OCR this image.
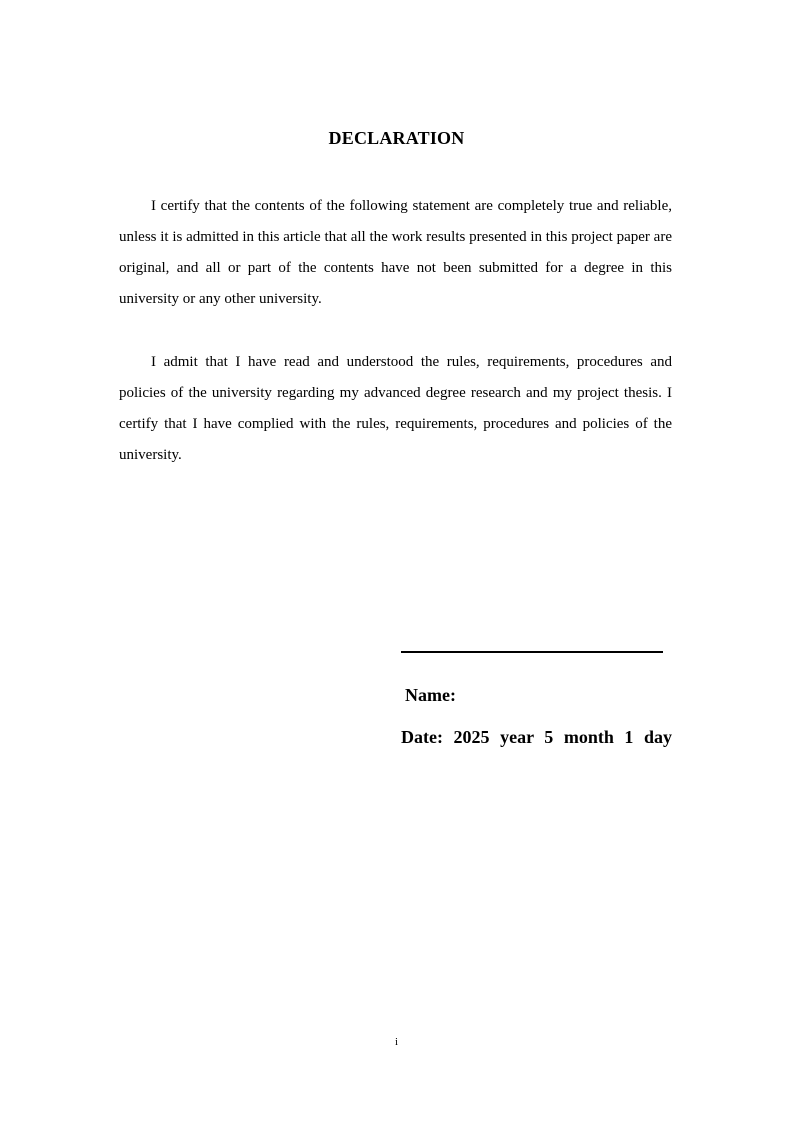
DECLARATION

I certify that the contents of the following statement are completely true and reliable, unless it is admitted in this article that all the work results presented in this project paper are original, and all or part of the contents have not been submitted for a degree in this university or any other university.

I admit that I have read and understood the rules, requirements, procedures and policies of the university regarding my advanced degree research and my project thesis. I certify that I have complied with the rules, requirements, procedures and policies of the university.

Name:
Date: 2025 year 5 month 1 day
i
